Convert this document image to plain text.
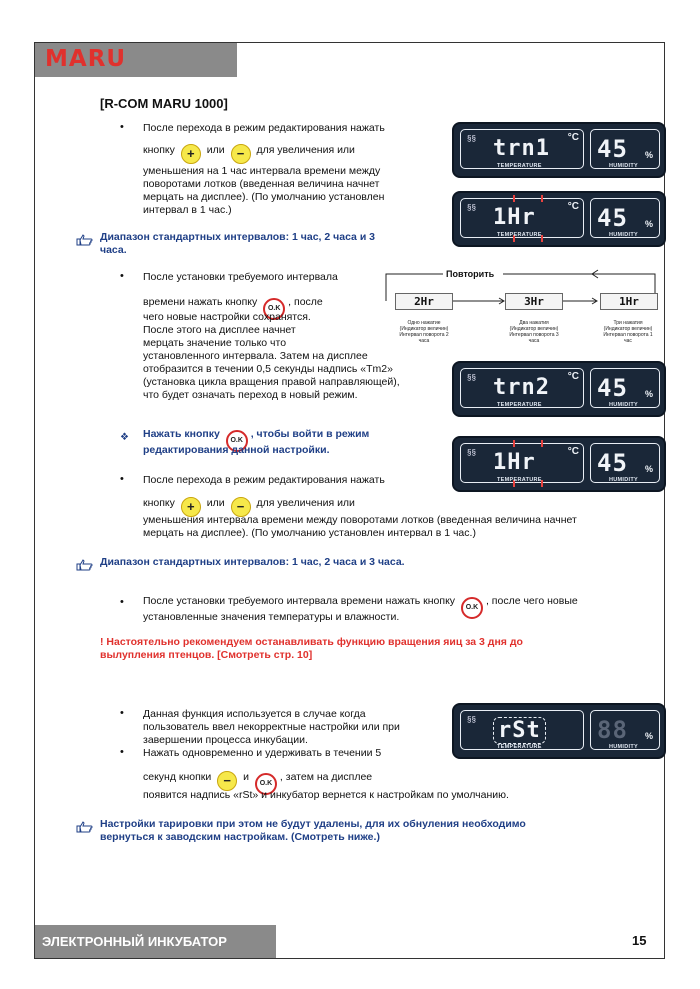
MARU
[R-COM MARU 1000]
• После перехода в режим редактирования нажать
кнопку + или − для увеличения или
уменьшения на 1 час интервала времени между
поворотами лотков (введенная величина начнет
мерцать на дисплее). (По умолчанию установлен
интервал в 1 час.)
Диапазон стандартных интервалов: 1 час, 2 часа и 3
часа.
• После установки требуемого интервала
времени нажать кнопку O.K, после
чего новые настройки сохранятся.
После этого на дисплее начнет
мерцать значение только что
установленного интервала. Затем на дисплее
отобразится в течении 0,5 секунды надпись «Tm2»
(установка цикла вращения правой направляющей),
что будет означать переход в новый режим.
❖ Нажать кнопку O.K, чтобы войти в режим
редактирования данной настройки.
• После перехода в режим редактирования нажать
кнопку + или − для увеличения или
уменьшения интервала времени между поворотами лотков (введенная величина начнет
мерцать на дисплее). (По умолчанию установлен интервал в 1 час.)
Диапазон стандартных интервалов: 1 час, 2 часа и 3 часа.
• После установки требуемого интервала времени нажать кнопку O.K, после чего новые
установленные значения температуры и влажности.
! Настоятельно рекомендуем останавливать функцию вращения яиц за 3 дня до
вылупления птенцов. [Смотреть стр. 10]
• Данная функция используется в случае когда
пользователь ввел некорректные настройки или при
завершении процесса инкубации.
• Нажать одновременно и удерживать в течении 5
секунд кнопки − и O.K, затем на дисплее
появится надпись «rSt» и инкубатор вернется к настройкам по умолчанию.
Настройки тарировки при этом не будут удалены, для их обнуления необходимо
вернуться к заводским настройкам. (Смотреть ниже.)
§§ trn1 °C
TEMPERATURE
45 %
HUMIDITY
§§ 1Hr	°C
TEMPERATURE
45 %
HUMIDITY
Повторить
2Hr	3Hr	1Hr
Одно нажатие
(Индикатор величин)
Интервал поворота 2
часа
Два нажатия
(Индикатор величин)
Интервал поворота 3
часа
Три нажатия
(Индикатор величин)
Интервал поворота 1
час
§§ trn2 °C
TEMPERATURE
45 %
HUMIDITY
§§ 1Hr	°C
TEMPERATURE
45 %
HUMIDITY
§§ rSt
TEMPERATURE
88 %
HUMIDITY
ЭЛЕКТРОННЫЙ ИНКУБАТОР	15
